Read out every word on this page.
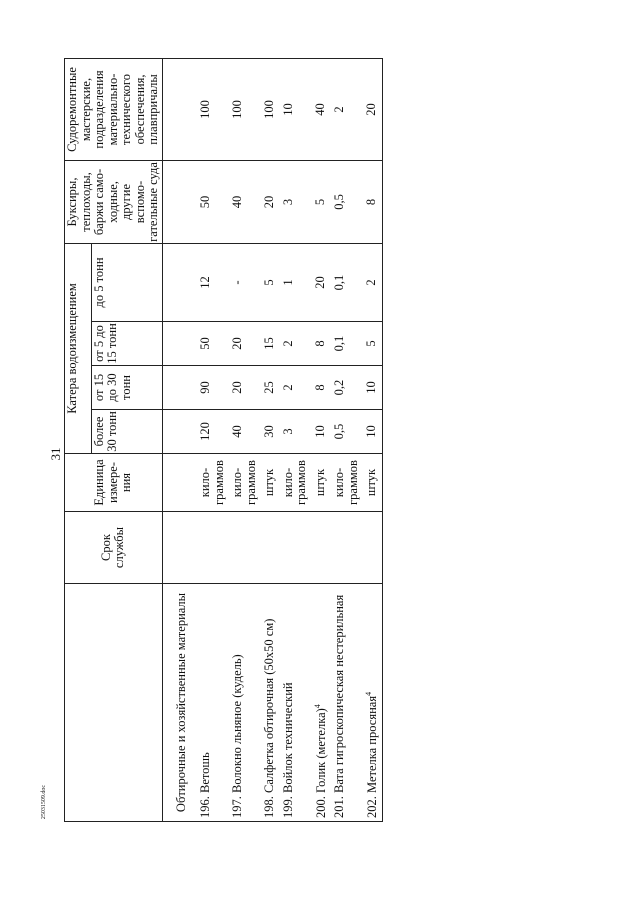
31
25031509.doc
	Срок службы	Единица измере-ния	Катера водоизмещением				Буксиры, теплоходы, баржи само-ходные, другие вспомо-гательные суда	Судоремонтные мастерские, подразделения материально-технического обеспечения, плавпричалы
			более 30 тонн	от 15 до 30 тонн	от 5 до 15 тонн	до 5 тонн		
Обтирочные и хозяйственные материалы								

196. Ветошь		кило-граммов	120	90	50	12	50	100
197. Волокно льняное (кудель)		кило-граммов	40	20	20	-	40	100
198. Салфетка обтирочная (50х50 см)		штук	30	25	15	5	20	100
199. Войлок технический		кило-граммов	3	2	2	1	3	10
200. Голик (метелка)$^4$		штук	10	8	8	20	5	40
201. Вата гигроскопическая нестерильная		кило-граммов	0,5	0,2	0,1	0,1	0,5	2
202. Метелка просяная$^4$		штук	10	10	5	2	8	20
